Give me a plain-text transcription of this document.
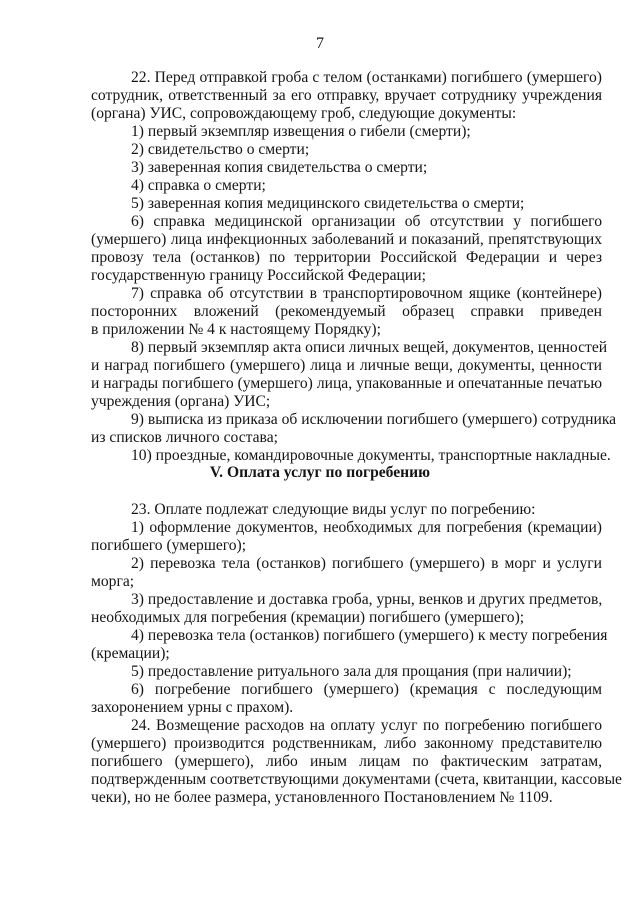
7
22. Перед отправкой гроба с телом (останками) погибшего (умершего)
сотрудник, ответственный за его отправку, вручает сотруднику учреждения
(органа) УИС, сопровождающему гроб, следующие документы:
1) первый экземпляр извещения о гибели (смерти);
2) свидетельство о смерти;
3) заверенная копия свидетельства о смерти;
4) справка о смерти;
5) заверенная копия медицинского свидетельства о смерти;
6) справка медицинской организации об отсутствии у погибшего
(умершего) лица инфекционных заболеваний и показаний, препятствующих
провозу тела (останков) по территории Российской Федерации и через
государственную границу Российской Федерации;
7) справка об отсутствии в транспортировочном ящике (контейнере)
посторонних вложений (рекомендуемый образец справки приведен
в приложении № 4 к настоящему Порядку);
8) первый экземпляр акта описи личных вещей, документов, ценностей
и наград погибшего (умершего) лица и личные вещи, документы, ценности
и награды погибшего (умершего) лица, упакованные и опечатанные печатью
учреждения (органа) УИС;
9) выписка из приказа об исключении погибшего (умершего) сотрудника
из списков личного состава;
10) проездные, командировочные документы, транспортные накладные.
V. Оплата услуг по погребению
23. Оплате подлежат следующие виды услуг по погребению:
1) оформление документов, необходимых для погребения (кремации)
погибшего (умершего);
2) перевозка тела (останков) погибшего (умершего) в морг и услуги
морга;
3) предоставление и доставка гроба, урны, венков и других предметов,
необходимых для погребения (кремации) погибшего (умершего);
4) перевозка тела (останков) погибшего (умершего) к месту погребения
(кремации);
5) предоставление ритуального зала для прощания (при наличии);
6) погребение погибшего (умершего) (кремация с последующим
захоронением урны с прахом).
24. Возмещение расходов на оплату услуг по погребению погибшего
(умершего) производится родственникам, либо законному представителю
погибшего (умершего), либо иным лицам по фактическим затратам,
подтвержденным соответствующими документами (счета, квитанции, кассовые
чеки), но не более размера, установленного Постановлением № 1109.
